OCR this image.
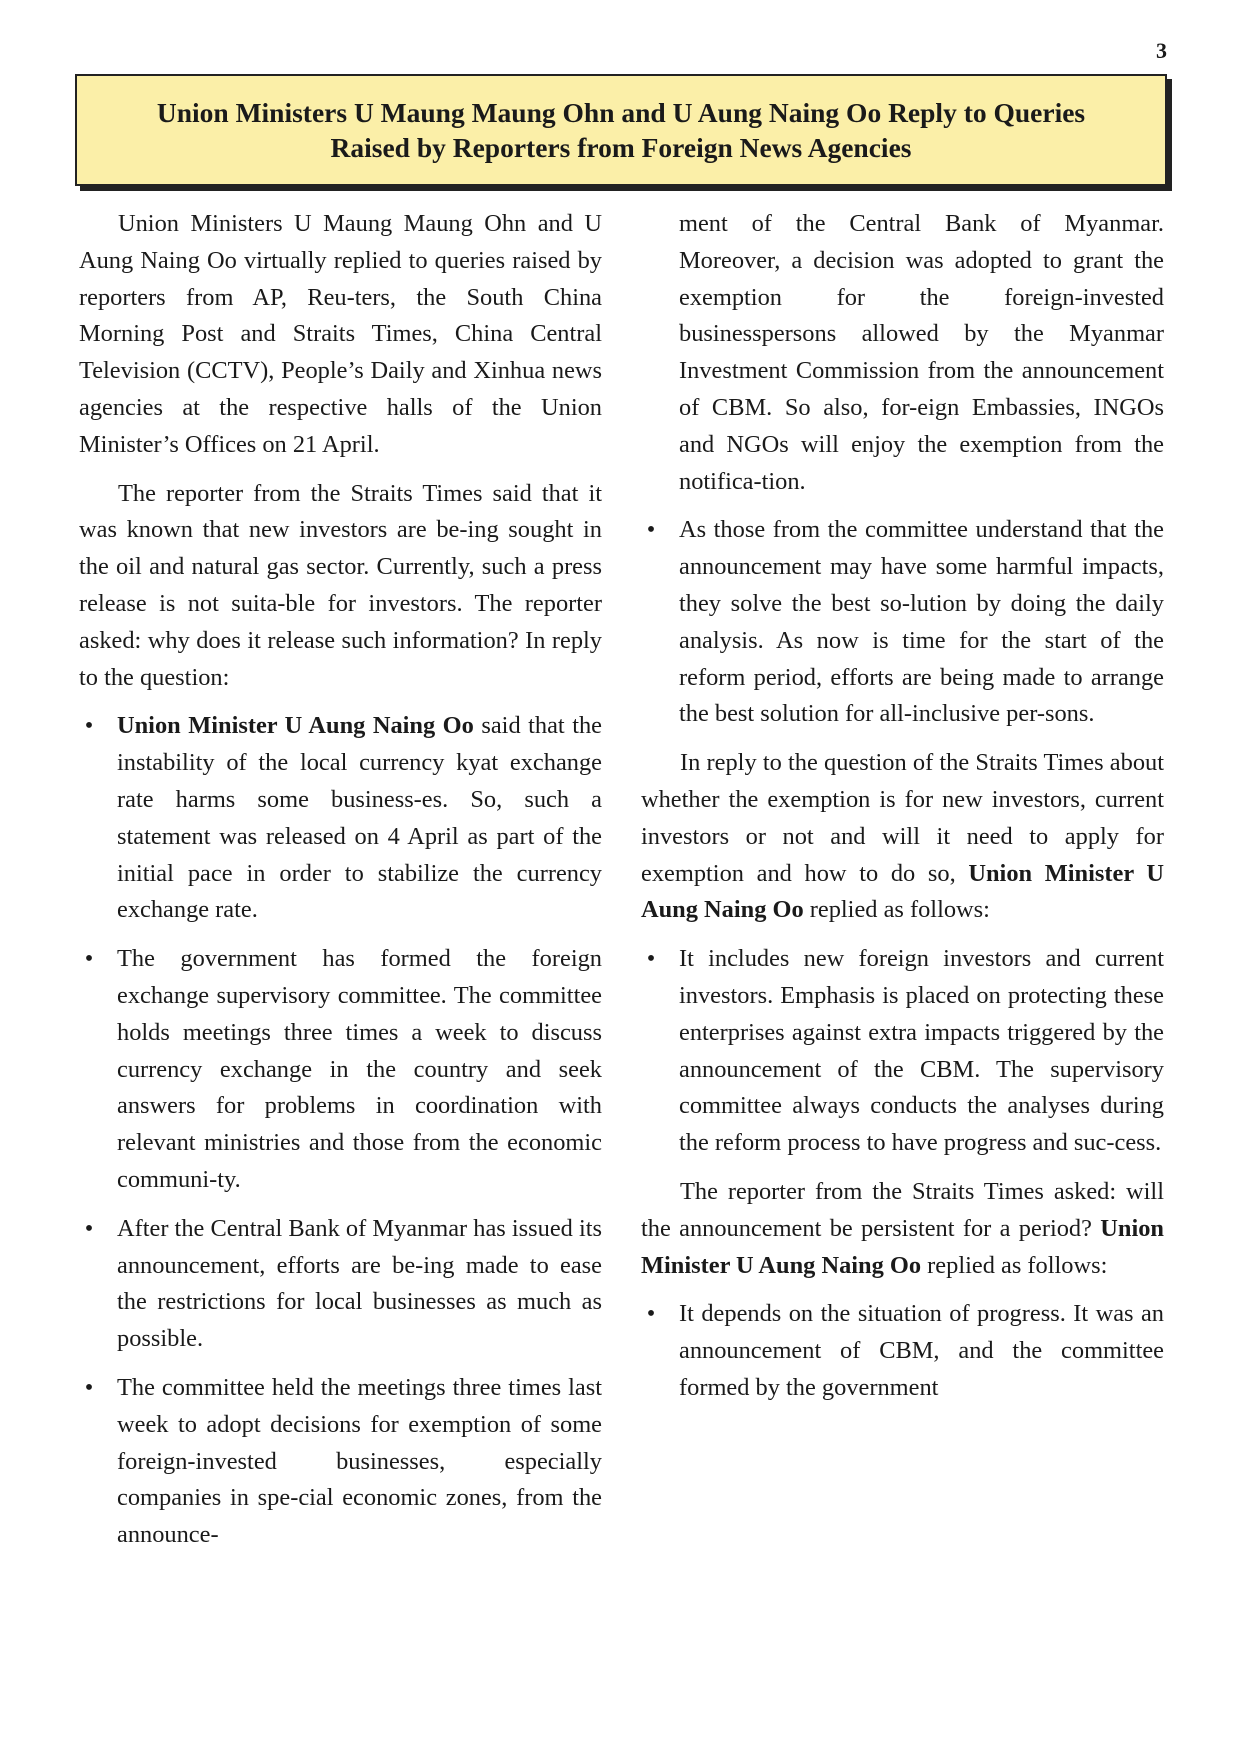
3
Union Ministers U Maung Maung Ohn and U Aung Naing Oo Reply to Queries
Raised by Reporters from Foreign News Agencies

Union Ministers U Maung Maung Ohn and U Aung Naing Oo virtually replied to queries raised by reporters from AP, Reu-ters, the South China Morning Post and Straits Times, China Central Television (CCTV), People’s Daily and Xinhua news agencies at the respective halls of the Union Minister’s Offices on 21 April.

The reporter from the Straits Times said that it was known that new investors are be-ing sought in the oil and natural gas sector. Currently, such a press release is not suita-ble for investors. The reporter asked: why does it release such information? In reply to the question:

• Union Minister U Aung Naing Oo said that the instability of the local currency kyat exchange rate harms some business-es. So, such a statement was released on 4 April as part of the initial pace in order to stabilize the currency exchange rate.

• The government has formed the foreign exchange supervisory committee. The committee holds meetings three times a week to discuss currency exchange in the country and seek answers for problems in coordination with relevant ministries and those from the economic communi-ty.

• After the Central Bank of Myanmar has issued its announcement, efforts are be-ing made to ease the restrictions for local businesses as much as possible.

• The committee held the meetings three times last week to adopt decisions for exemption of some foreign-invested businesses, especially companies in spe-cial economic zones, from the announce-

ment of the Central Bank of Myanmar. Moreover, a decision was adopted to grant the exemption for the foreign-invested businesspersons allowed by the Myanmar Investment Commission from the announcement of CBM. So also, for-eign Embassies, INGOs and NGOs will enjoy the exemption from the notifica-tion.

• As those from the committee understand that the announcement may have some harmful impacts, they solve the best so-lution by doing the daily analysis. As now is time for the start of the reform period, efforts are being made to arrange the best solution for all-inclusive per-sons.

In reply to the question of the Straits Times about whether the exemption is for new investors, current investors or not and will it need to apply for exemption and how to do so, Union Minister U Aung Naing Oo replied as follows:

• It includes new foreign investors and current investors. Emphasis is placed on protecting these enterprises against extra impacts triggered by the announcement of the CBM. The supervisory committee always conducts the analyses during the reform process to have progress and suc-cess.

The reporter from the Straits Times asked: will the announcement be persistent for a period? Union Minister U Aung Naing Oo replied as follows:

• It depends on the situation of progress. It was an announcement of CBM, and the committee formed by the government
